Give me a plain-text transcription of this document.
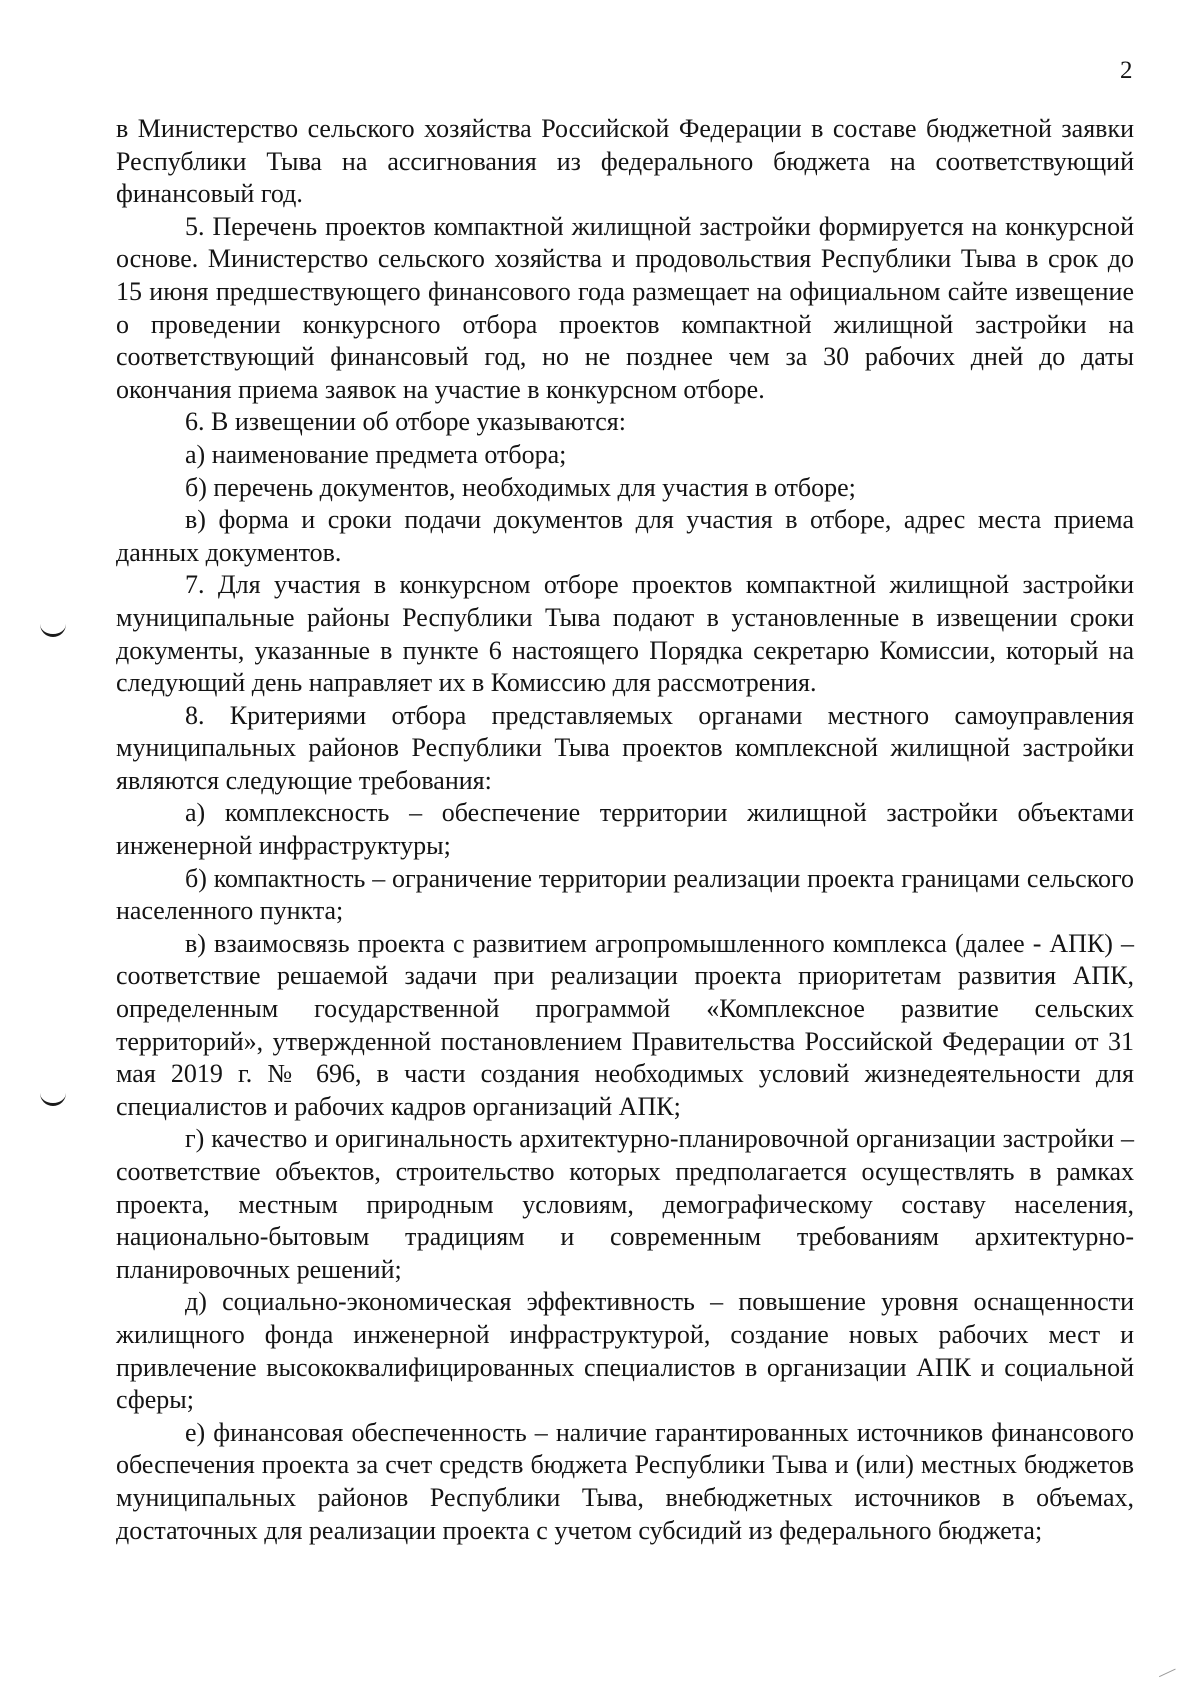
2

в Министерство сельского хозяйства Российской Федерации в составе бюджетной заявки Республики Тыва на ассигнования из федерального бюджета на соответствующий финансовый год.

5. Перечень проектов компактной жилищной застройки формируется на конкурсной основе. Министерство сельского хозяйства и продовольствия Республики Тыва в срок до 15 июня предшествующего финансового года размещает на официальном сайте извещение о проведении конкурсного отбора проектов компактной жилищной застройки на соответствующий финансовый год, но не позднее чем за 30 рабочих дней до даты окончания приема заявок на участие в конкурсном отборе.

6. В извещении об отборе указываются:

а) наименование предмета отбора;

б) перечень документов, необходимых для участия в отборе;

в) форма и сроки подачи документов для участия в отборе, адрес места приема данных документов.

7. Для участия в конкурсном отборе проектов компактной жилищной застройки муниципальные районы Республики Тыва подают в установленные в извещении сроки документы, указанные в пункте 6 настоящего Порядка секретарю Комиссии, который на следующий день направляет их в Комиссию для рассмотрения.

8. Критериями отбора представляемых органами местного самоуправления муниципальных районов Республики Тыва проектов комплексной жилищной застройки являются следующие требования:

а) комплексность – обеспечение территории жилищной застройки объектами инженерной инфраструктуры;

б) компактность – ограничение территории реализации проекта границами сельского населенного пункта;

в) взаимосвязь проекта с развитием агропромышленного комплекса (далее - АПК) – соответствие решаемой задачи при реализации проекта приоритетам развития АПК, определенным государственной программой «Комплексное развитие сельских территорий», утвержденной постановлением Правительства Российской Федерации от 31 мая 2019 г. № 696, в части создания необходимых условий жизнедеятельности для специалистов и рабочих кадров организаций АПК;

г) качество и оригинальность архитектурно-планировочной организации застройки – соответствие объектов, строительство которых предполагается осуществлять в рамках проекта, местным природным условиям, демографическому составу населения, национально-бытовым традициям и современным требованиям архитектурно-планировочных решений;

д) социально-экономическая эффективность – повышение уровня оснащенности жилищного фонда инженерной инфраструктурой, создание новых рабочих мест и привлечение высококвалифицированных специалистов в организации АПК и социальной сферы;

е) финансовая обеспеченность – наличие гарантированных источников финансового обеспечения проекта за счет средств бюджета Республики Тыва и (или) местных бюджетов муниципальных районов Республики Тыва, внебюджетных источников в объемах, достаточных для реализации проекта с учетом субсидий из федерального бюджета;
